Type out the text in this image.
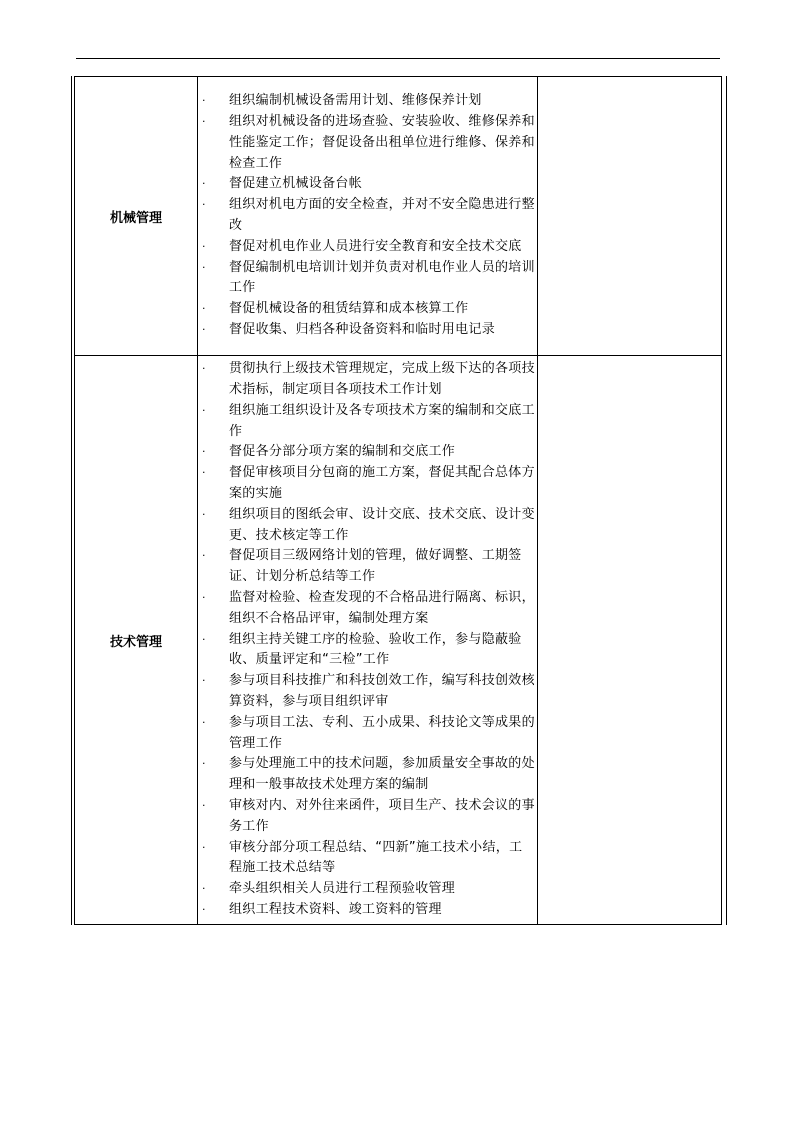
机械管理	
·	组织编制机械设备需用计划、维修保养计划
·	组织对机械设备的进场查验、安装验收、维修保养和性能鉴定工作；督促设备出租单位进行维修、保养和检查工作
·	督促建立机械设备台帐
·	组织对机电方面的安全检查，并对不安全隐患进行整改
·	督促对机电作业人员进行安全教育和安全技术交底
·	督促编制机电培训计划并负责对机电作业人员的培训工作
·	督促机械设备的租赁结算和成本核算工作
·	督促收集、归档各种设备资料和临时用电记录

技术管理	
·	贯彻执行上级技术管理规定，完成上级下达的各项技术指标，制定项目各项技术工作计划
·	组织施工组织设计及各专项技术方案的编制和交底工作
·	督促各分部分项方案的编制和交底工作
·	督促审核项目分包商的施工方案，督促其配合总体方案的实施
·	组织项目的图纸会审、设计交底、技术交底、设计变更、技术核定等工作
·	督促项目三级网络计划的管理，做好调整、工期签证、计划分析总结等工作
·	监督对检验、检查发现的不合格品进行隔离、标识，组织不合格品评审，编制处理方案
·	组织主持关键工序的检验、验收工作，参与隐蔽验收、质量评定和“三检”工作
·	参与项目科技推广和科技创效工作，编写科技创效核算资料，参与项目组织评审
·	参与项目工法、专利、五小成果、科技论文等成果的管理工作
·	参与处理施工中的技术问题，参加质量安全事故的处理和一般事故技术处理方案的编制
·	审核对内、对外往来函件，项目生产、技术会议的事务工作
·	审核分部分项工程总结、“四新”施工技术小结，工程施工技术总结等
·	牵头组织相关人员进行工程预验收管理
·	组织工程技术资料、竣工资料的管理
